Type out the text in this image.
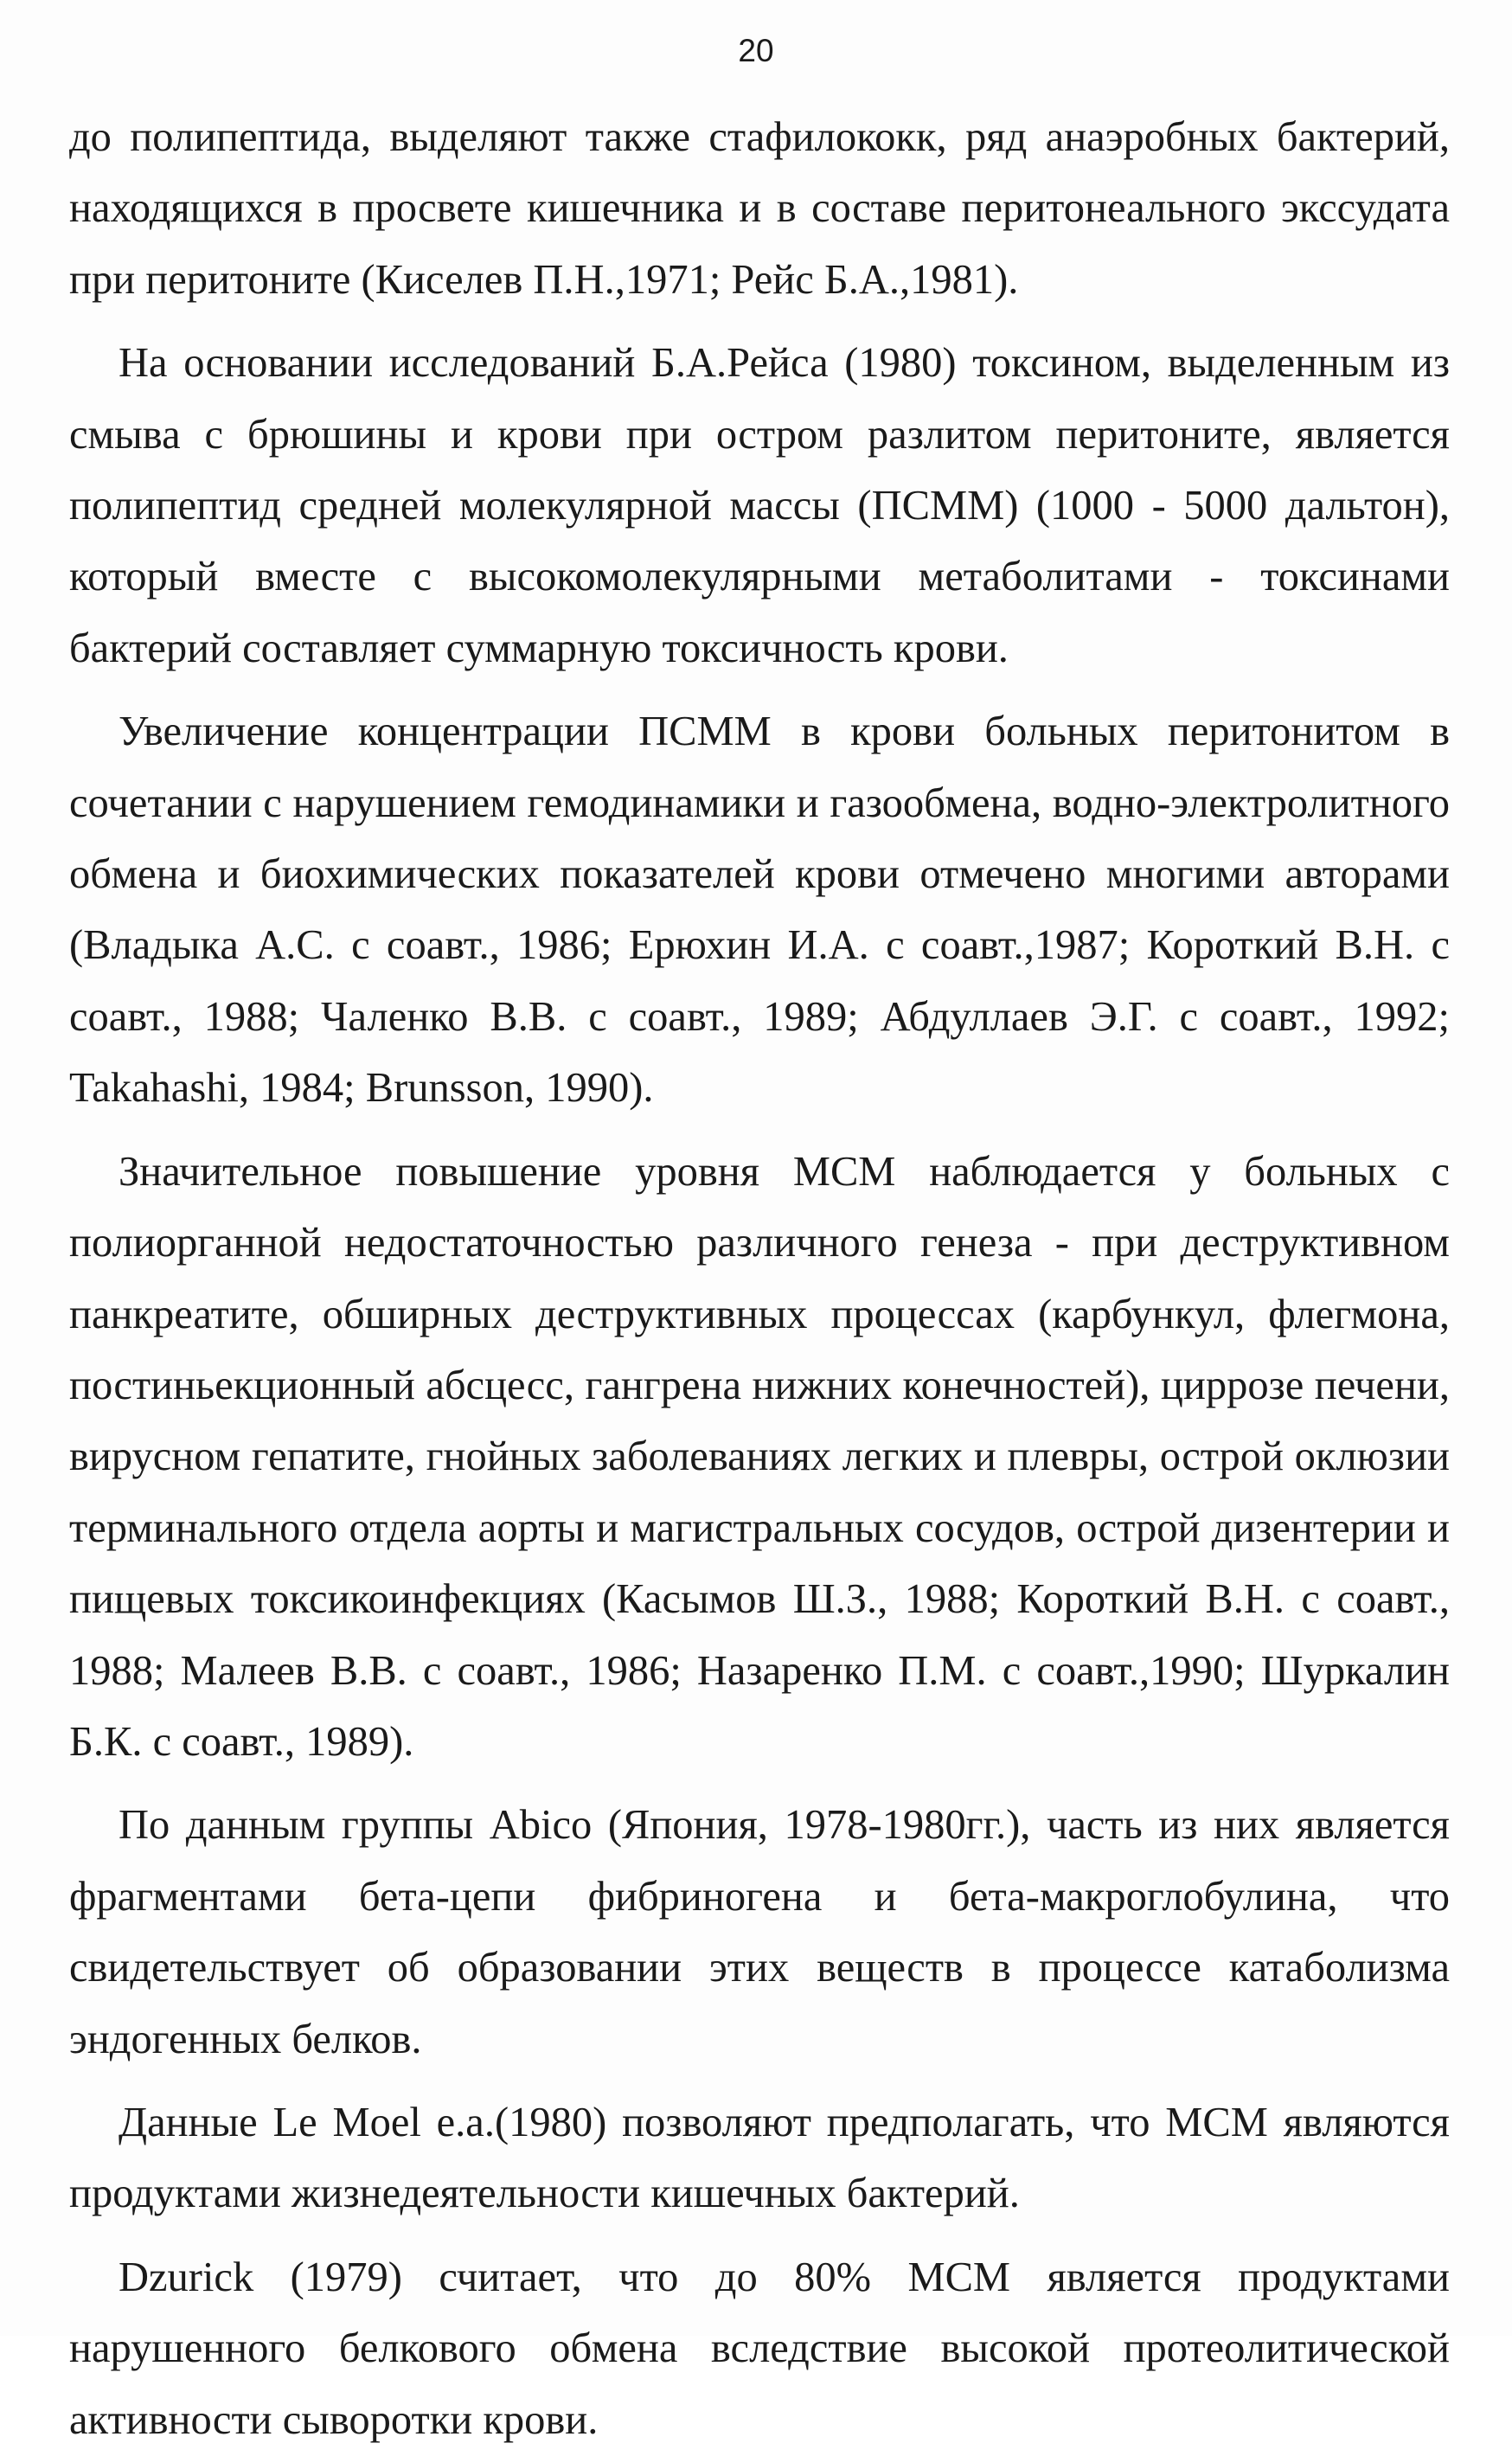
20

до полипептида, выделяют также стафилококк, ряд анаэробных бактерий, находящихся в просвете кишечника и в составе перитонеального экссудата при перитоните (Киселев П.Н.,1971; Рейс Б.А.,1981).

На основании исследований Б.А.Рейса (1980) токсином, выделенным из смыва с брюшины и крови при остром разлитом перитоните, является полипептид средней молекулярной массы (ПСММ) (1000 - 5000 дальтон), который вместе с высокомолекулярными метаболитами - токсинами бактерий составляет суммарную токсичность крови.

Увеличение концентрации ПСММ в крови больных перитонитом в сочетании с нарушением гемодинамики и газообмена, водно-электролитного обмена и биохимических показателей крови отмечено многими авторами (Владыка А.С. с соавт., 1986; Ерюхин И.А. с соавт.,1987; Короткий В.Н. с соавт., 1988; Чаленко В.В. с соавт., 1989; Абдуллаев Э.Г. с соавт., 1992; Takahashi, 1984; Brunsson, 1990).

Значительное повышение уровня МСМ наблюдается у больных с полиорганной недостаточностью различного генеза - при деструктивном панкреатите, обширных деструктивных процессах (карбункул, флегмона, постиньекционный абсцесс, гангрена нижних конечностей), циррозе печени, вирусном гепатите, гнойных заболеваниях легких и плевры, острой оклюзии терминального отдела аорты и магистральных сосудов, острой дизентерии и пищевых токсикоинфекциях (Касымов Ш.З., 1988; Короткий В.Н. с соавт., 1988; Малеев В.В. с соавт., 1986; Назаренко П.М. с соавт.,1990; Шуркалин Б.К. с соавт., 1989).

По данным группы Abico (Япония, 1978-1980гг.), часть из них является фрагментами бета-цепи фибриногена и бета-макроглобулина, что свидетельствует об образовании этих веществ в процессе катаболизма эндогенных белков.

Данные Le Moel e.a.(1980) позволяют предполагать, что МСМ являются продуктами жизнедеятельности кишечных бактерий.

Dzurick (1979) считает, что до 80% МСМ является продуктами нарушенного белкового обмена вследствие высокой протеолитической активности сыворотки крови.
